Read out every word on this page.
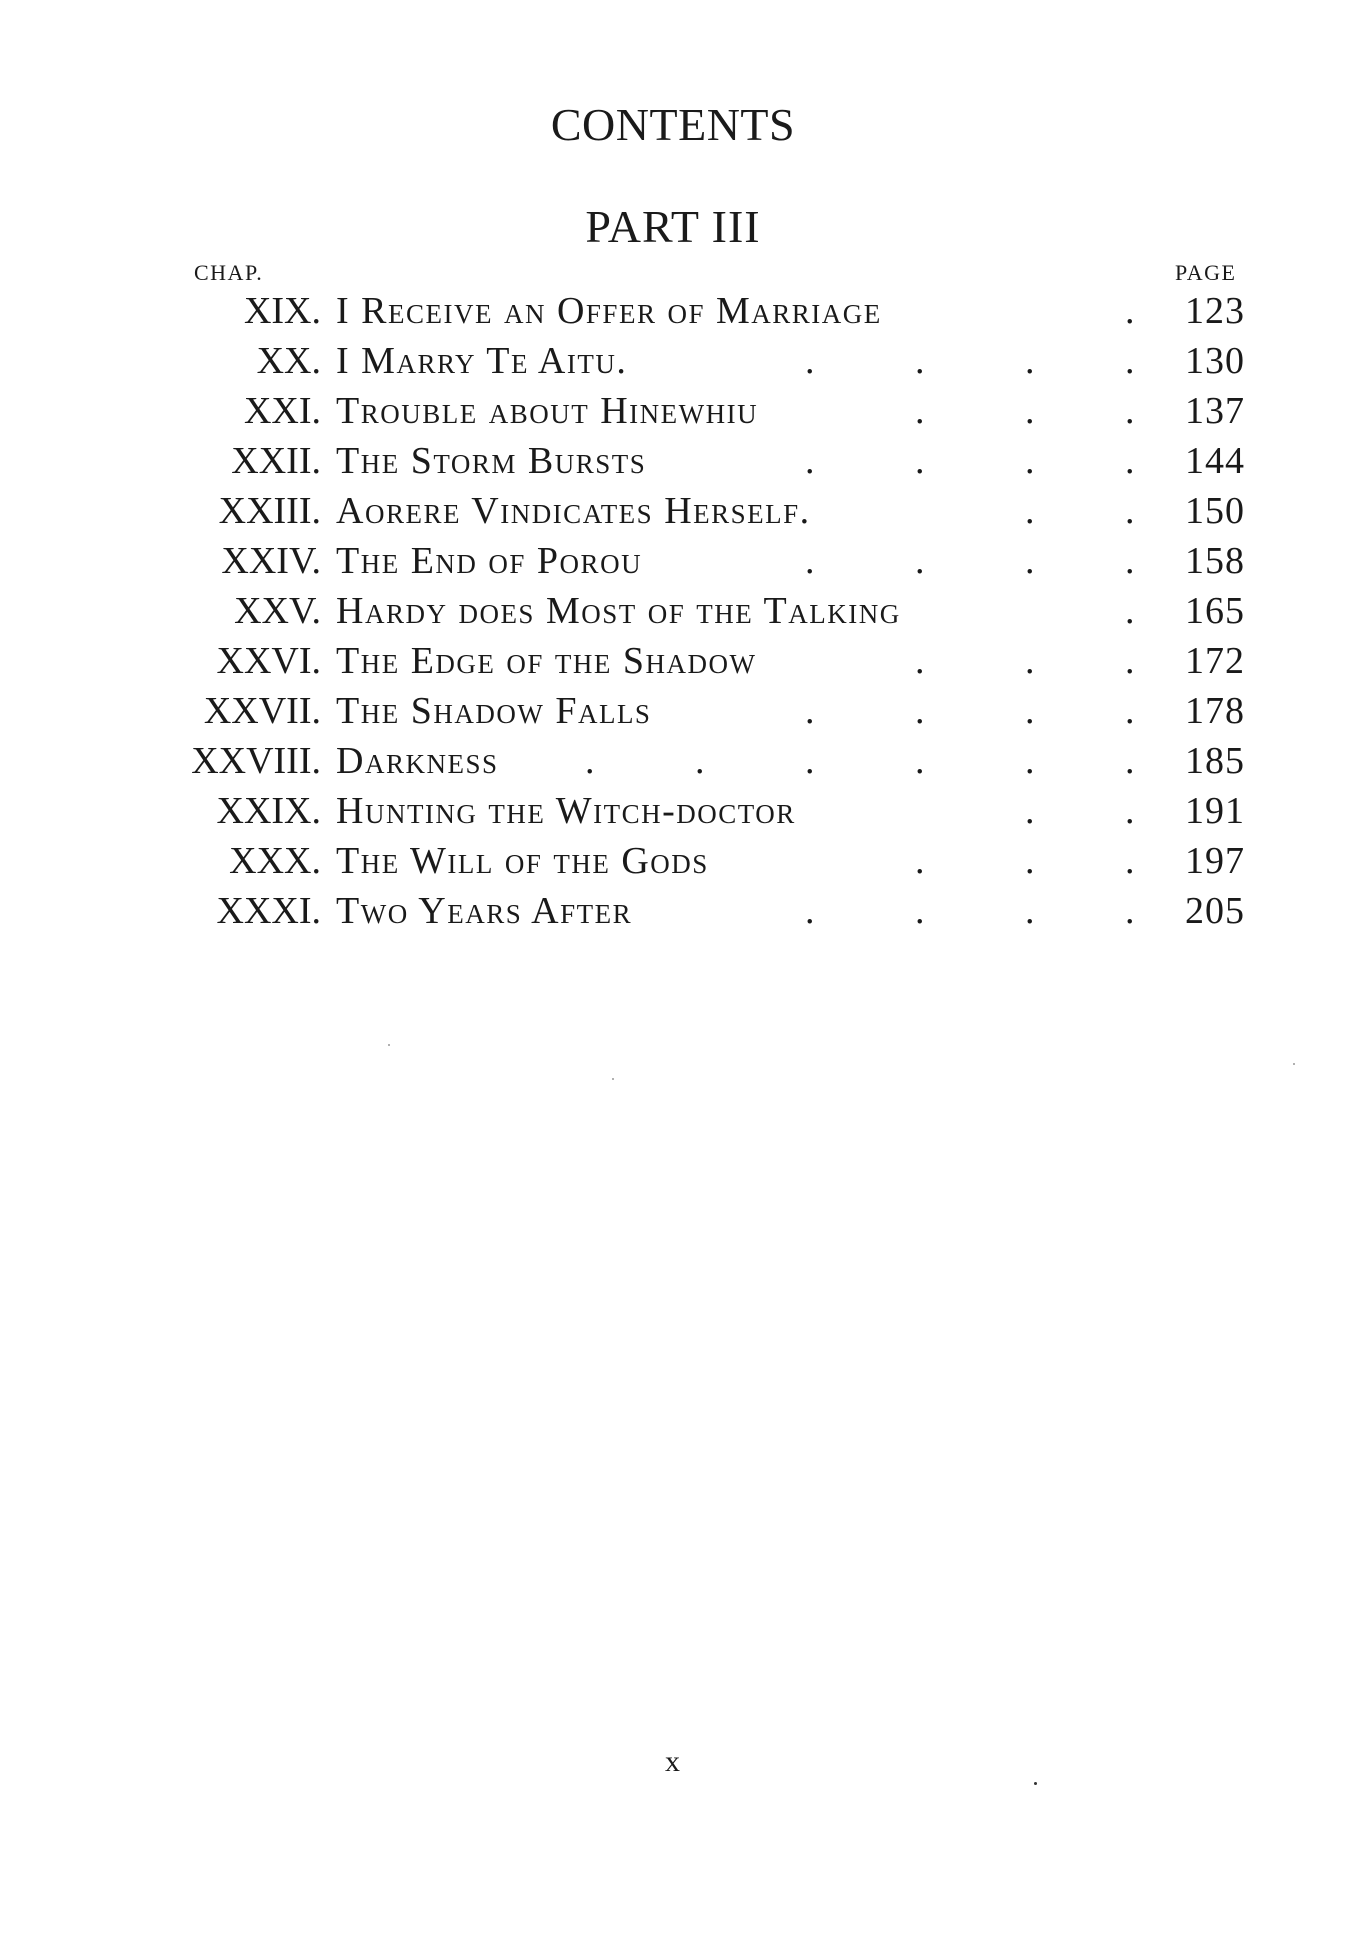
CONTENTS
PART III
CHAP.	PAGE
XIX. I Receive an Offer of Marriage	. 123
XX. I Marry Te Aitu.	.	.	. . 130
XXI. Trouble about Hinewhiu	.	. . 137
XXII. The Storm Bursts	.	.	. . 144
XXIII. Aorere Vindicates Herself.	. . 150
XXIV. The End of Porou	.	.	. . 158
XXV. Hardy does Most of the Talking	. 165
XXVI. The Edge of the Shadow	.	. . 172
XXVII. The Shadow Falls	.	.	. . 178
XXVIII. Darkness .	.	.	.	. . 185
XXIX. Hunting the Witch-doctor	. . 191
XXX. The Will of the Gods	.	. . 197
XXXI. Two Years After	.	.	. . 205
x
